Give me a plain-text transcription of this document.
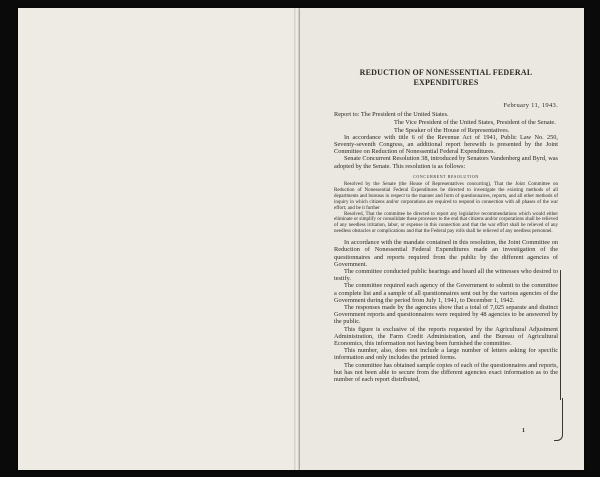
REDUCTION OF NONESSENTIAL FEDERAL
EXPENDITURES
February 11, 1943.

Report to: The President of the United States.

The Vice President of the United States, President of the Senate.

The Speaker of the House of Representatives.

In accordance with title 6 of the Revenue Act of 1941, Public Law No. 250, Seventy-seventh Congress, an additional report herewith is presented by the Joint Committee on Reduction of Nonessential Federal Expenditures.

Senate Concurrent Resolution 38, introduced by Senators Vandenberg and Byrd, was adopted by the Senate. This resolution is as follows:

CONCURRENT RESOLUTION

Resolved by the Senate (the House of Representatives concurring), That the Joint Committee on Reduction of Nonessential Federal Expenditures be directed to investigate the existing methods of all departments and bureaus in respect to the manner and form of questionnaires, reports, and all other methods of inquiry in which citizens and/or corporations are required to respond in connection with all phases of the war effort; and be it further

Resolved, That the committee be directed to report any legislative recommendations which would either eliminate or simplify or consolidate these processes to the end that citizens and/or corporations shall be relieved of any needless irritation, labor, or expense in this connection and that the war effort shall be relieved of any needless obstacles or complications and that the Federal pay rolls shall be relieved of any needless personnel.

In accordance with the mandate contained in this resolution, the Joint Committee on Reduction of Nonessential Federal Expenditures made an investigation of the questionnaires and reports required from the public by the different agencies of Government.

The committee conducted public hearings and heard all the witnesses who desired to testify.

The committee required each agency of the Government to submit to the committee a complete list and a sample of all questionnaires sent out by the various agencies of the Government during the period from July 1, 1941, to December 1, 1942.

The responses made by the agencies show that a total of 7,025 separate and distinct Government reports and questionnaires were required by 48 agencies to be answered by the public.

This figure is exclusive of the reports requested by the Agricultural Adjustment Administration, the Farm Credit Administration, and the Bureau of Agricultural Economics, this information not having been furnished the committee.

This number, also, does not include a large number of letters asking for specific information and only includes the printed forms.

The committee has obtained sample copies of each of the questionnaires and reports, but has not been able to secure from the different agencies exact information as to the number of each report distributed,

1
